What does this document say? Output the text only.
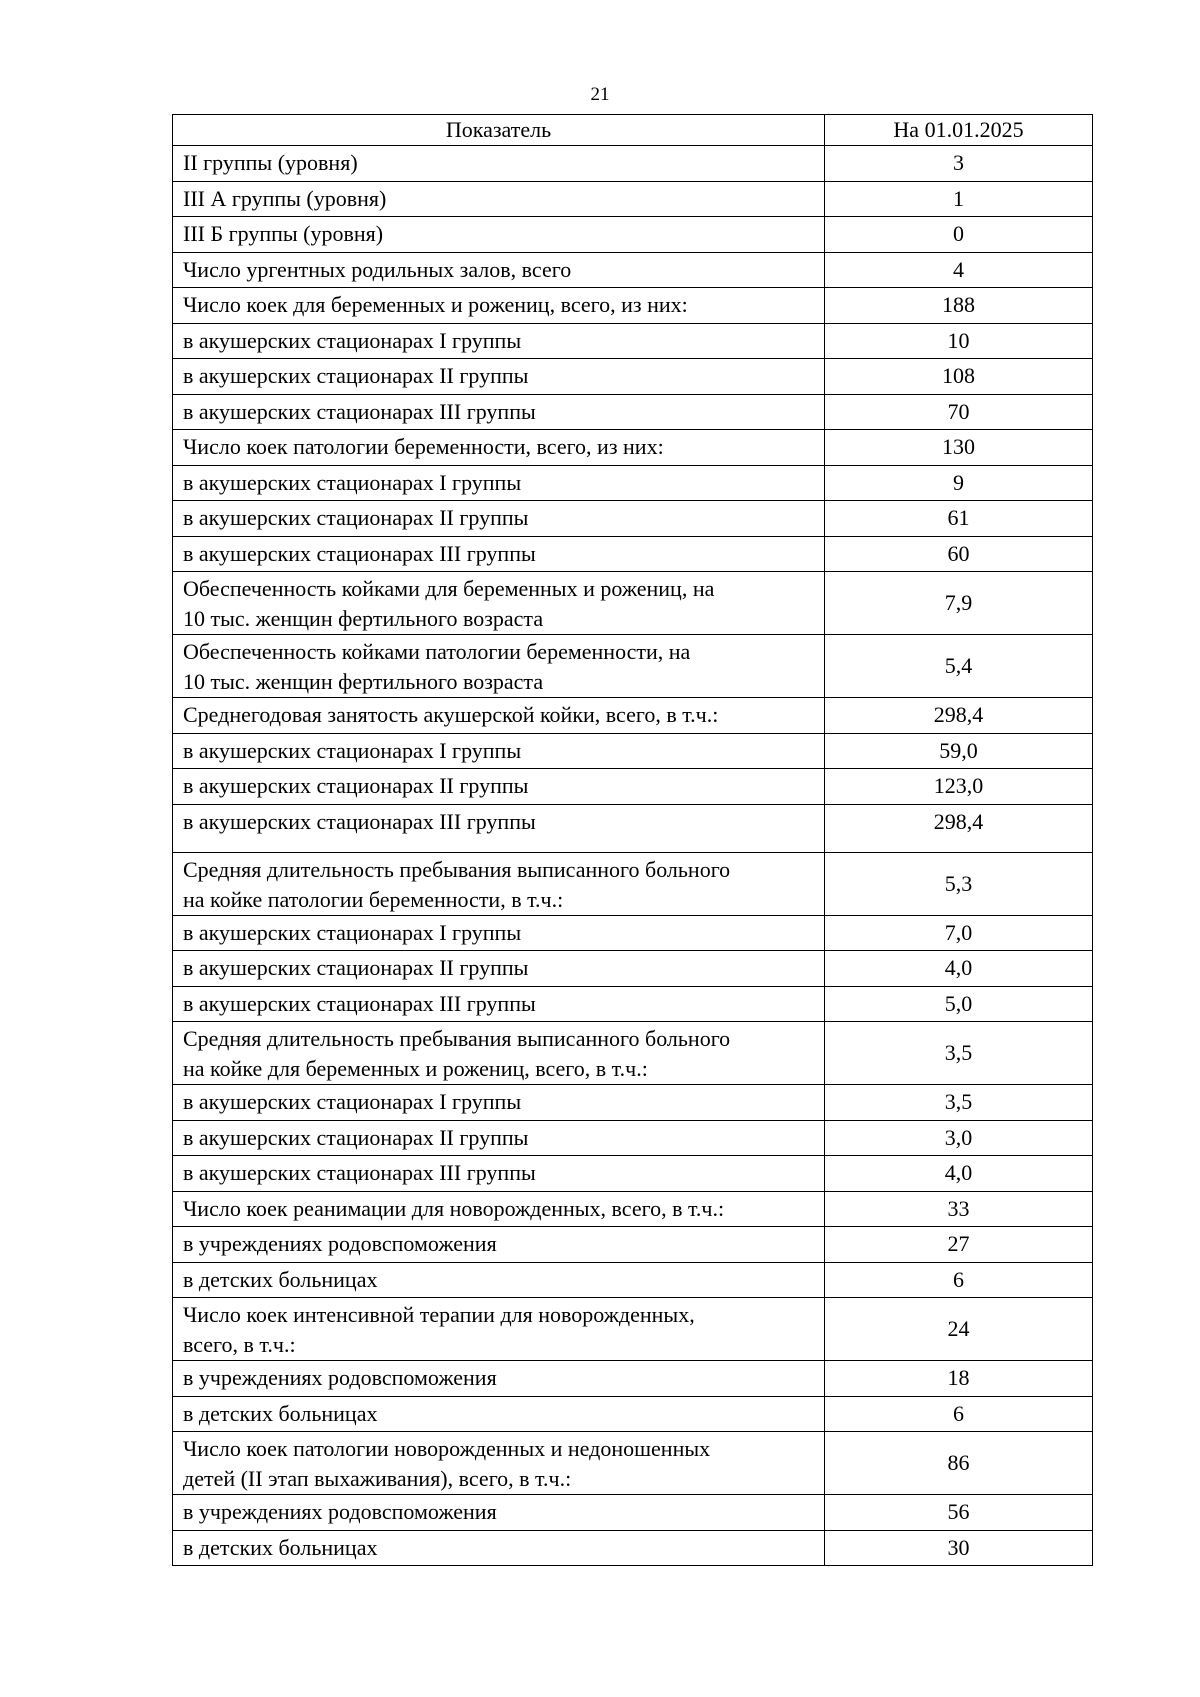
21
Показатель	На 01.01.2025
II группы (уровня)	3
III А группы (уровня)	1
III Б группы (уровня)	0
Число ургентных родильных залов, всего	4
Число коек для беременных и рожениц, всего, из них:	188
в акушерских стационарах I группы	10
в акушерских стационарах II группы	108
в акушерских стационарах III группы	70
Число коек патологии беременности, всего, из них:	130
в акушерских стационарах I группы	9
в акушерских стационарах II группы	61
в акушерских стационарах III группы	60

Обеспеченность койками для беременных и рожениц, на
10 тыс. женщин фертильного возраста	7,9

Обеспеченность койками патологии беременности, на
10 тыс. женщин фертильного возраста	5,4
Среднегодовая занятость акушерской койки, всего, в т.ч.:	298,4
в акушерских стационарах I группы	59,0
в акушерских стационарах II группы	123,0
в акушерских стационарах III группы	298,4

Средняя длительность пребывания выписанного больного
на койке патологии беременности, в т.ч.:	5,3
в акушерских стационарах I группы	7,0
в акушерских стационарах II группы	4,0
в акушерских стационарах III группы	5,0

Средняя длительность пребывания выписанного больного
на койке для беременных и рожениц, всего, в т.ч.:	3,5
в акушерских стационарах I группы	3,5
в акушерских стационарах II группы	3,0
в акушерских стационарах III группы	4,0
Число коек реанимации для новорожденных, всего, в т.ч.:	33
в учреждениях родовспоможения	27
в детских больницах	6

Число коек интенсивной терапии для новорожденных,
всего, в т.ч.:	24
в учреждениях родовспоможения	18
в детских больницах	6

Число коек патологии новорожденных и недоношенных
детей (II этап выхаживания), всего, в т.ч.:	86
в учреждениях родовспоможения	56
в детских больницах	30
